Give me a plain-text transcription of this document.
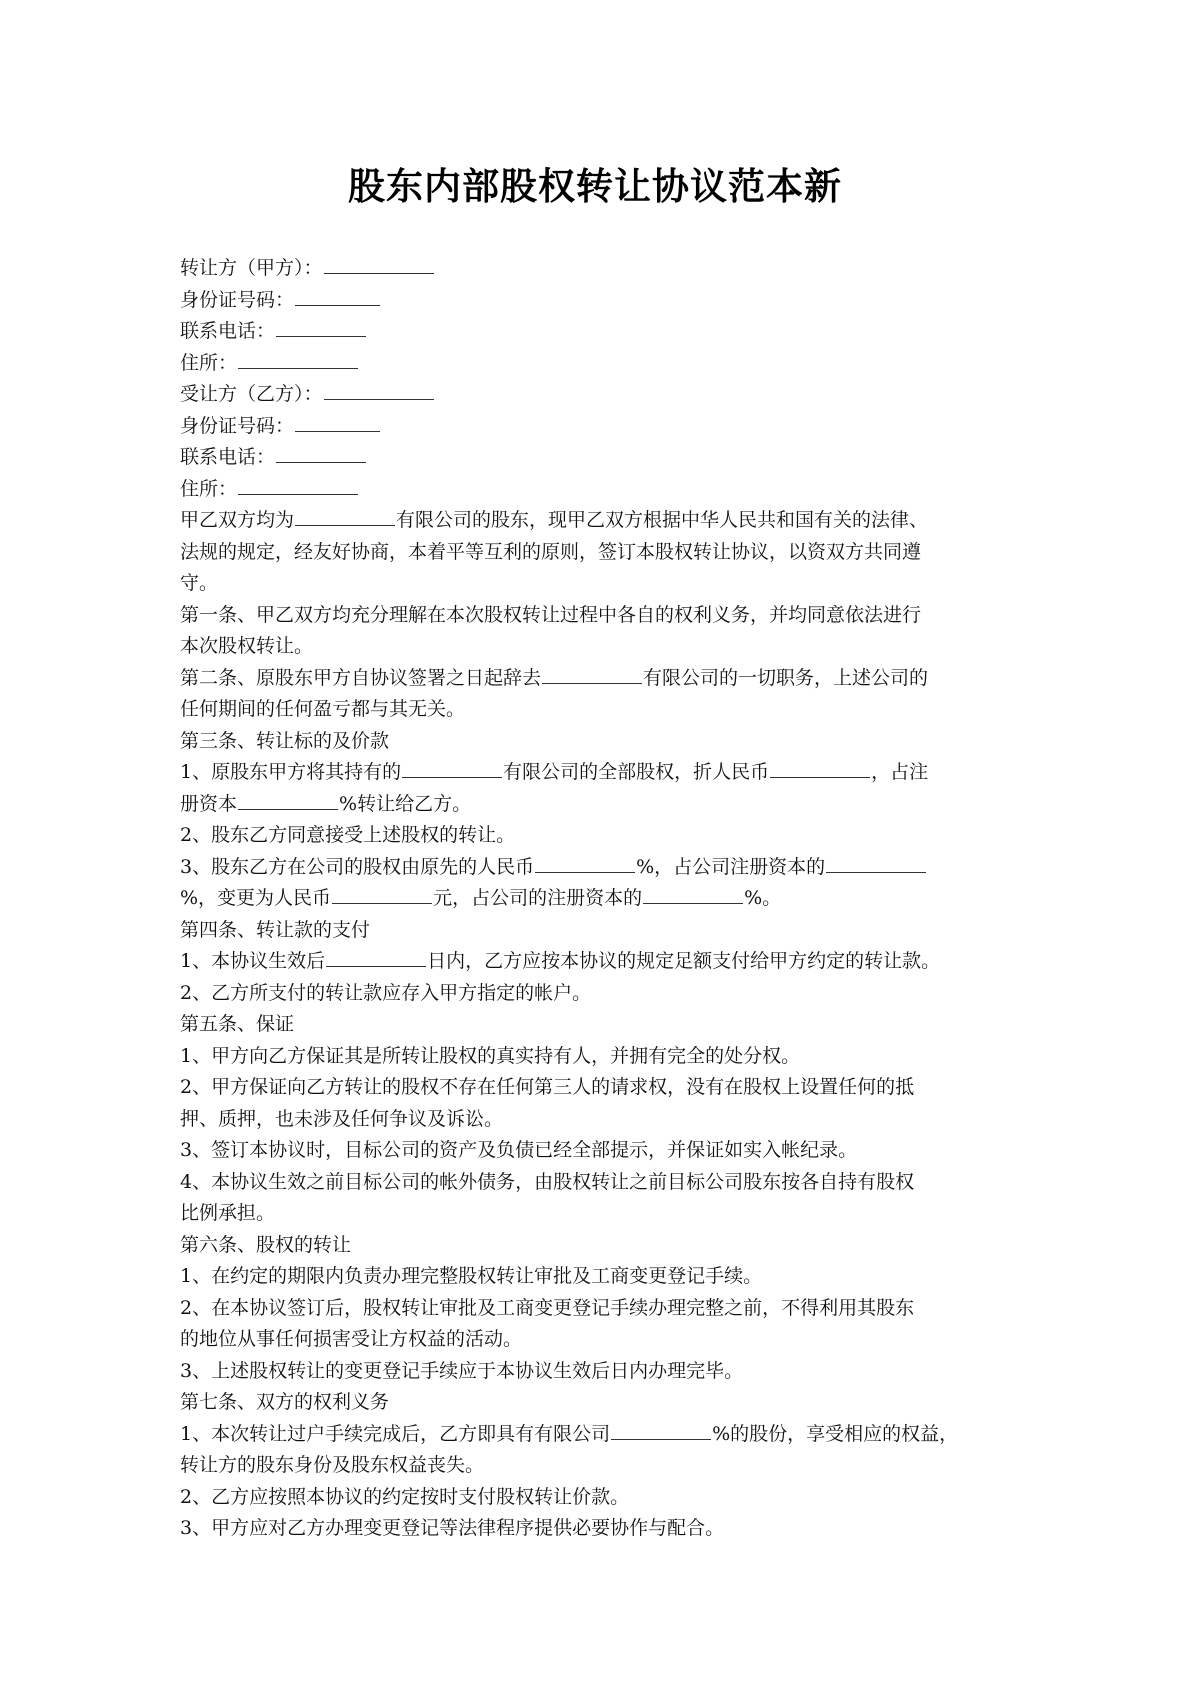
股东内部股权转让协议范本新
转让方（甲方）：
身份证号码：
联系电话：
住所：
受让方（乙方）：
身份证号码：
联系电话：
住所：
甲乙双方均为	有限公司的股东，现甲乙双方根据中华人民共和国有关的法律、
法规的规定，经友好协商，本着平等互利的原则，签订本股权转让协议，以资双方共同遵
守。
第一条、甲乙双方均充分理解在本次股权转让过程中各自的权利义务，并均同意依法进行
本次股权转让。
第二条、原股东甲方自协议签署之日起辞去	有限公司的一切职务，上述公司的
任何期间的任何盈亏都与其无关。
第三条、转让标的及价款
1、原股东甲方将其持有的	有限公司的全部股权，折人民币	，占注
册资本	%转让给乙方。
2、股东乙方同意接受上述股权的转让。
3、股东乙方在公司的股权由原先的人民币	%，占公司注册资本的
%，变更为人民币	元，占公司的注册资本的	%。
第四条、转让款的支付
1、本协议生效后	日内，乙方应按本协议的规定足额支付给甲方约定的转让款。
2、乙方所支付的转让款应存入甲方指定的帐户。
第五条、保证
1、甲方向乙方保证其是所转让股权的真实持有人，并拥有完全的处分权。
2、甲方保证向乙方转让的股权不存在任何第三人的请求权，没有在股权上设置任何的抵
押、质押，也未涉及任何争议及诉讼。
3、签订本协议时，目标公司的资产及负债已经全部提示，并保证如实入帐纪录。
4、本协议生效之前目标公司的帐外债务，由股权转让之前目标公司股东按各自持有股权
比例承担。
第六条、股权的转让
1、在约定的期限内负责办理完整股权转让审批及工商变更登记手续。
2、在本协议签订后，股权转让审批及工商变更登记手续办理完整之前，不得利用其股东
的地位从事任何损害受让方权益的活动。
3、上述股权转让的变更登记手续应于本协议生效后日内办理完毕。
第七条、双方的权利义务
1、本次转让过户手续完成后，乙方即具有有限公司	%的股份，享受相应的权益，
转让方的股东身份及股东权益丧失。
2、乙方应按照本协议的约定按时支付股权转让价款。
3、甲方应对乙方办理变更登记等法律程序提供必要协作与配合。
